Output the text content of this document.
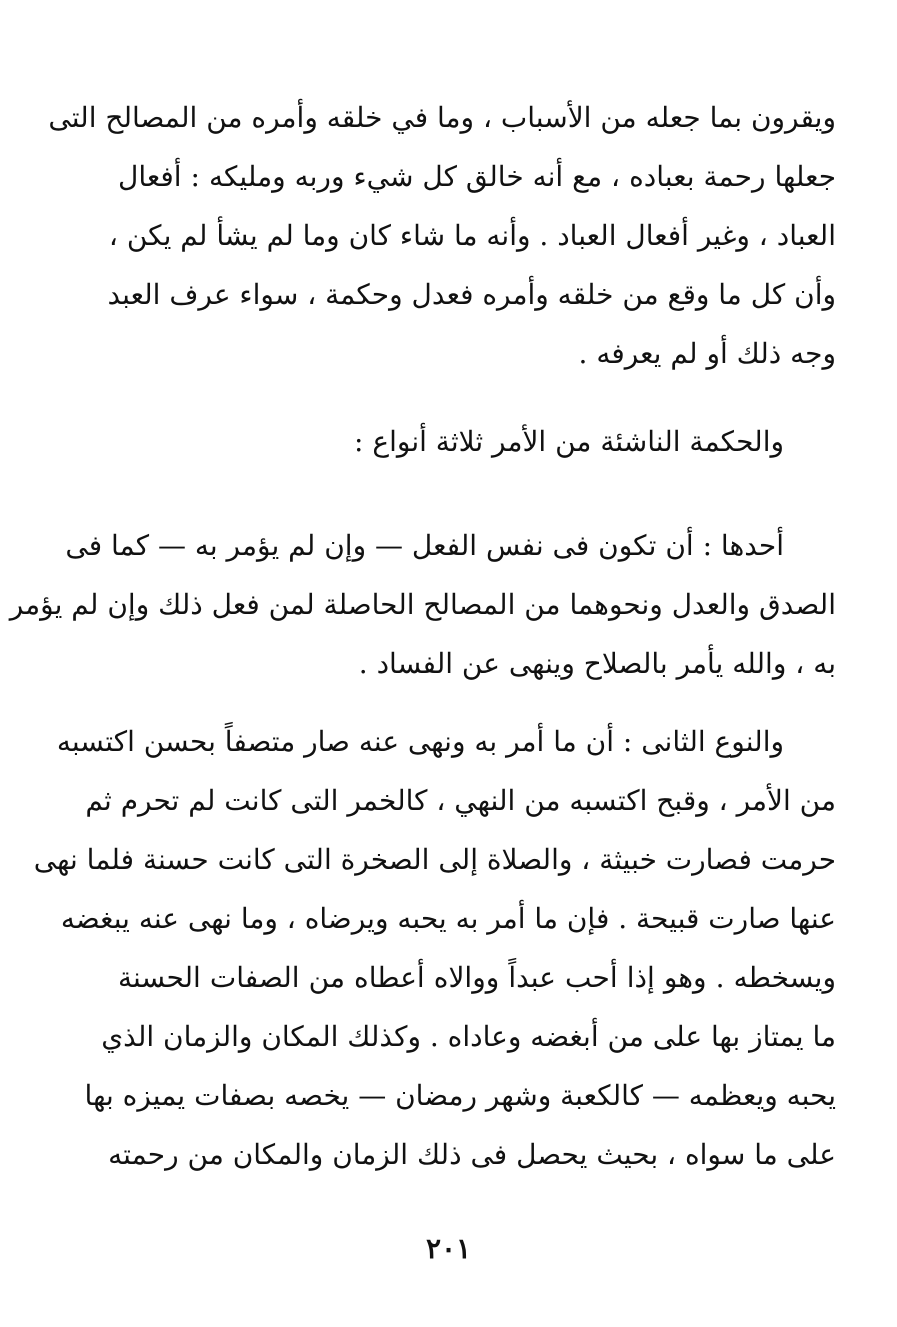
ويقرون بما جعله من الأسباب ، وما في خلقه وأمره من المصالح التى
جعلها رحمة بعباده ، مع أنه خالق كل شيء وربه ومليكه : أفعال
العباد ، وغير أفعال العباد . وأنه ما شاء كان وما لم يشأ لم يكن ،
وأن كل ما وقع من خلقه وأمره فعدل وحكمة ، سواء عرف العبد
وجه ذلك أو لم يعرفه .
والحكمة الناشئة من الأمر ثلاثة أنواع :
أحدها : أن تكون فى نفس الفعل — وإن لم يؤمر به — كما فى
الصدق والعدل ونحوهما من المصالح الحاصلة لمن فعل ذلك وإن لم يؤمر
به ، والله يأمر بالصلاح وينهى عن الفساد .
والنوع الثانى : أن ما أمر به ونهى عنه صار متصفاً بحسن اكتسبه
من الأمر ، وقبح اكتسبه من النهي ، كالخمر التى كانت لم تحرم ثم
حرمت فصارت خبيثة ، والصلاة إلى الصخرة التى كانت حسنة فلما نهى
عنها صارت قبيحة . فإن ما أمر به يحبه ويرضاه ، وما نهى عنه يبغضه
ويسخطه . وهو إذا أحب عبداً ووالاه أعطاه من الصفات الحسنة
ما يمتاز بها على من أبغضه وعاداه . وكذلك المكان والزمان الذي
يحبه ويعظمه — كالكعبة وشهر رمضان — يخصه بصفات يميزه بها
على ما سواه ، بحيث يحصل فى ذلك الزمان والمكان من رحمته
٢٠١
